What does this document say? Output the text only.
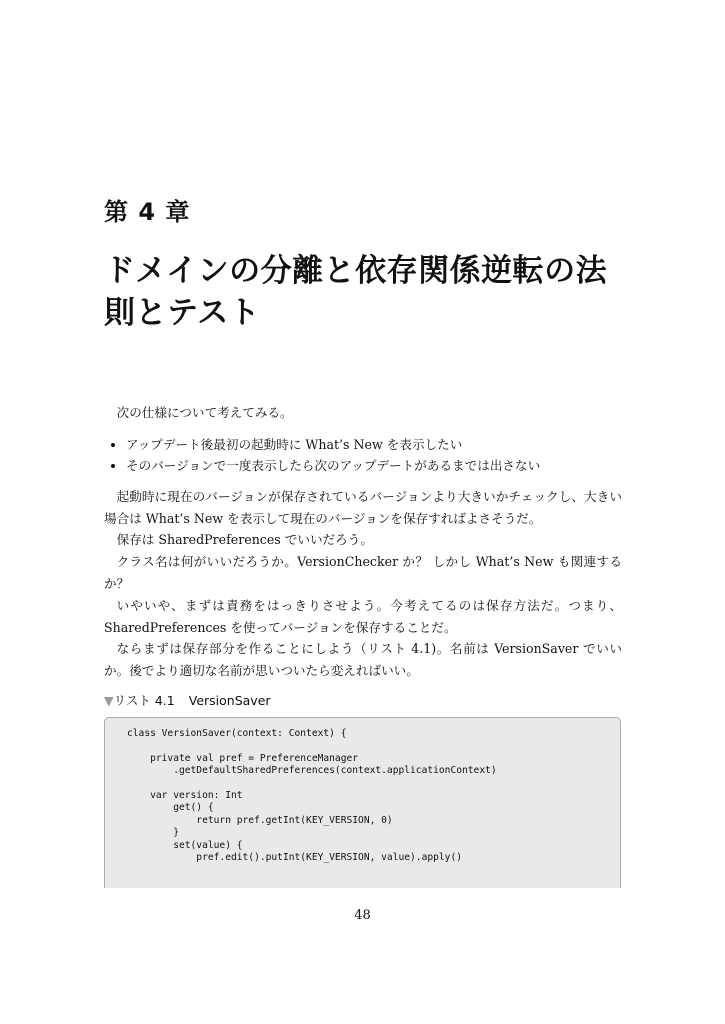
第 4 章
ドメインの分離と依存関係逆転の法則とテスト

次の仕様について考えてみる。

• アップデート後最初の起動時に What’s New を表示したい
• そのバージョンで一度表示したら次のアップデートがあるまでは出さない

起動時に現在のバージョンが保存されているバージョンより大きいかチェックし、大きい場合は What’s New を表示して現在のバージョンを保存すればよさそうだ。

保存は SharedPreferences でいいだろう。

クラス名は何がいいだろうか。VersionChecker か？ しかし What’s New も関連するか？

いやいや、まずは責務をはっきりさせよう。今考えてるのは保存方法だ。つまり、SharedPreferences を使ってバージョンを保存することだ。

ならまずは保存部分を作ることにしよう（リスト 4.1)。名前は VersionSaver でいいか。後でより適切な名前が思いついたら変えればいい。

▼リスト 4.1 VersionSaver
class VersionSaver(context: Context) {

private val pref = PreferenceManager
.getDefaultSharedPreferences(context.applicationContext)

var version: Int
get() {
return pref.getInt(KEY_VERSION, 0)
}
set(value) {
pref.edit().putInt(KEY_VERSION, value).apply()

48
